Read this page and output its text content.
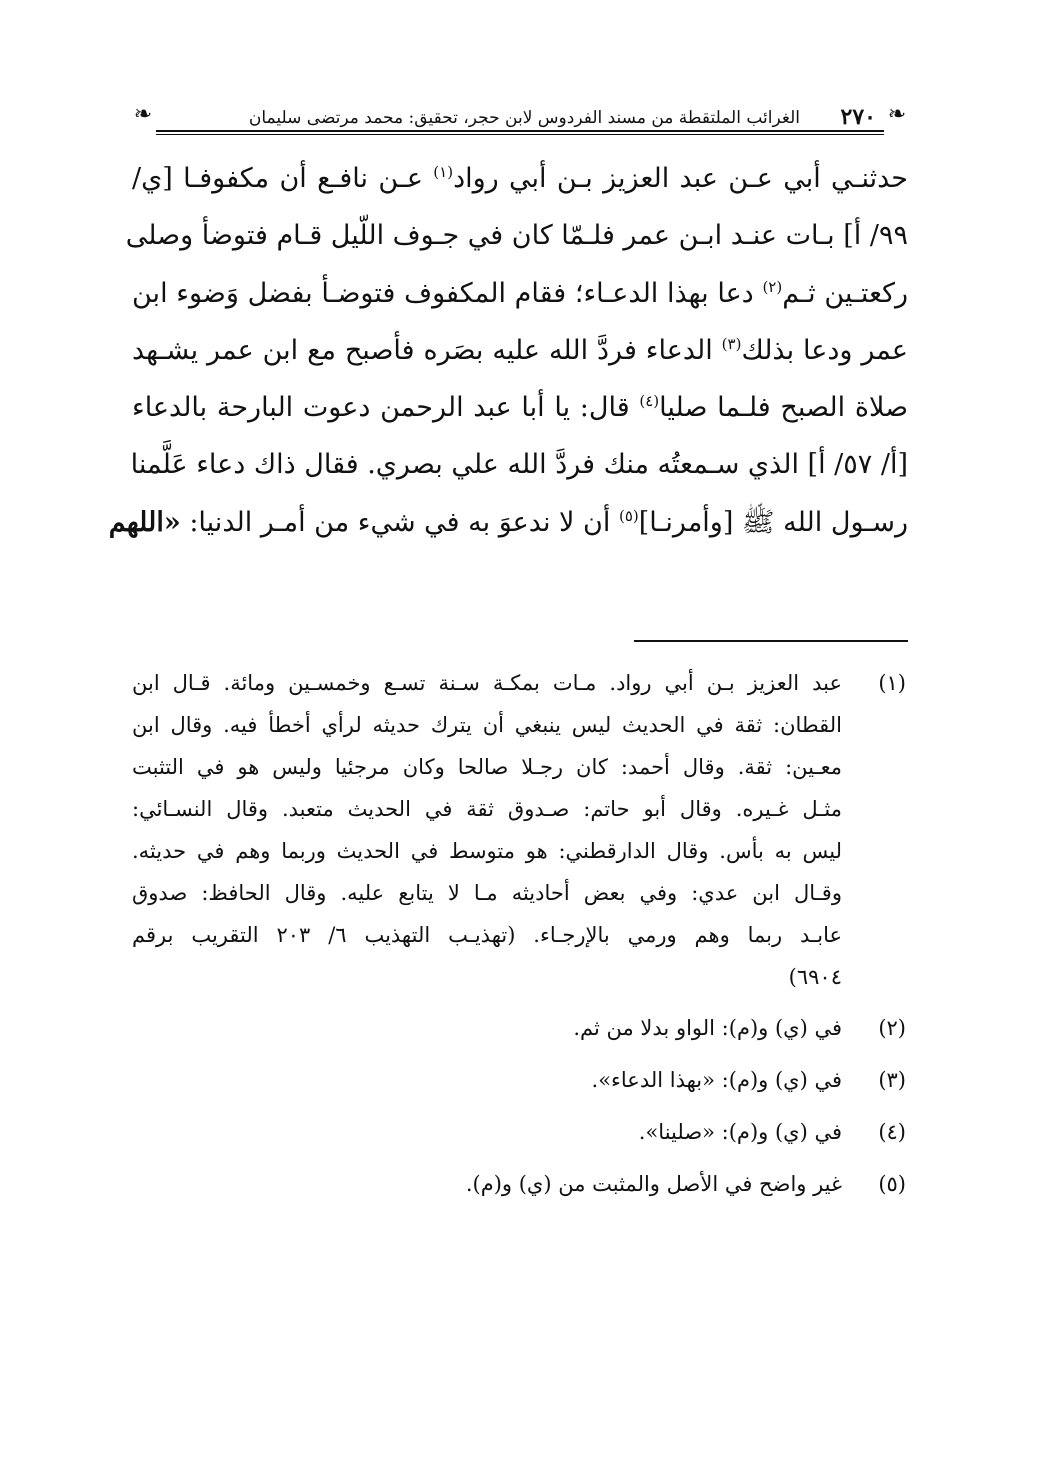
❧
٢٧٠
الغرائب الملتقطة من مسند الفردوس لابن حجر، تحقيق: محمد مرتضى سليمان
❧
حدثنـي أبي عـن عبد العزيز بـن أبي رواد$^{(١)}$ عـن نافـع أن مكفوفـا [ي/
٩٩/ أ] بـات عنـد ابـن عمر فلـمّا كان في جـوف اللّيل قـام فتوضأ وصلى
ركعتـين ثـم$^{(٢)}$ دعا بهذا الدعـاء؛ فقام المكفوف فتوضـأ بفضل وَضوء ابن
عمر ودعا بذلك$^{(٣)}$ الدعاء فردَّ الله عليه بصَره فأصبح مع ابن عمر يشـهد
صلاة الصبح فلـما صليا$^{(٤)}$ قال: يا أبا عبد الرحمن دعوت البارحة بالدعاء
[أ/ ٥٧/ أ] الذي سـمعتُه منك فردَّ الله علي بصري. فقال ذاك دعاء عَلَّمنا
رسـول الله ﷺ [وأمرنـا]$^{(٥)}$ أن لا ندعوَ به في شيء من أمـر الدنيا: «اللهم
(١)
عبد العزيز بـن أبي رواد. مـات بمكـة سـنة تسـع وخمسـين ومائة. قـال ابن
القطان: ثقة في الحديث ليس ينبغي أن يترك حديثه لرأي أخطأ فيه. وقال ابن
معـين: ثقة. وقال أحمد: كان رجـلا صالحا وكان مرجئيا وليس هو في التثبت
مثـل غـيره. وقال أبو حاتم: صـدوق ثقة في الحديث متعبد. وقال النسـائي:
ليس به بأس. وقال الدارقطني: هو متوسط في الحديث وربما وهم في حديثه.
وقـال ابن عدي: وفي بعض أحاديثه مـا لا يتابع عليه. وقال الحافظ: صدوق
عابـد ربما وهم ورمي بالإرجـاء. (تهذيـب التهذيب ٦/ ٢٠٣ التقريب برقم
٦٩٠٤)
(٢)
في (ي) و(م): الواو بدلا من ثم.
(٣)
في (ي) و(م): «بهذا الدعاء».
(٤)
في (ي) و(م): «صلينا».
(٥)
غير واضح في الأصل والمثبت من (ي) و(م).
